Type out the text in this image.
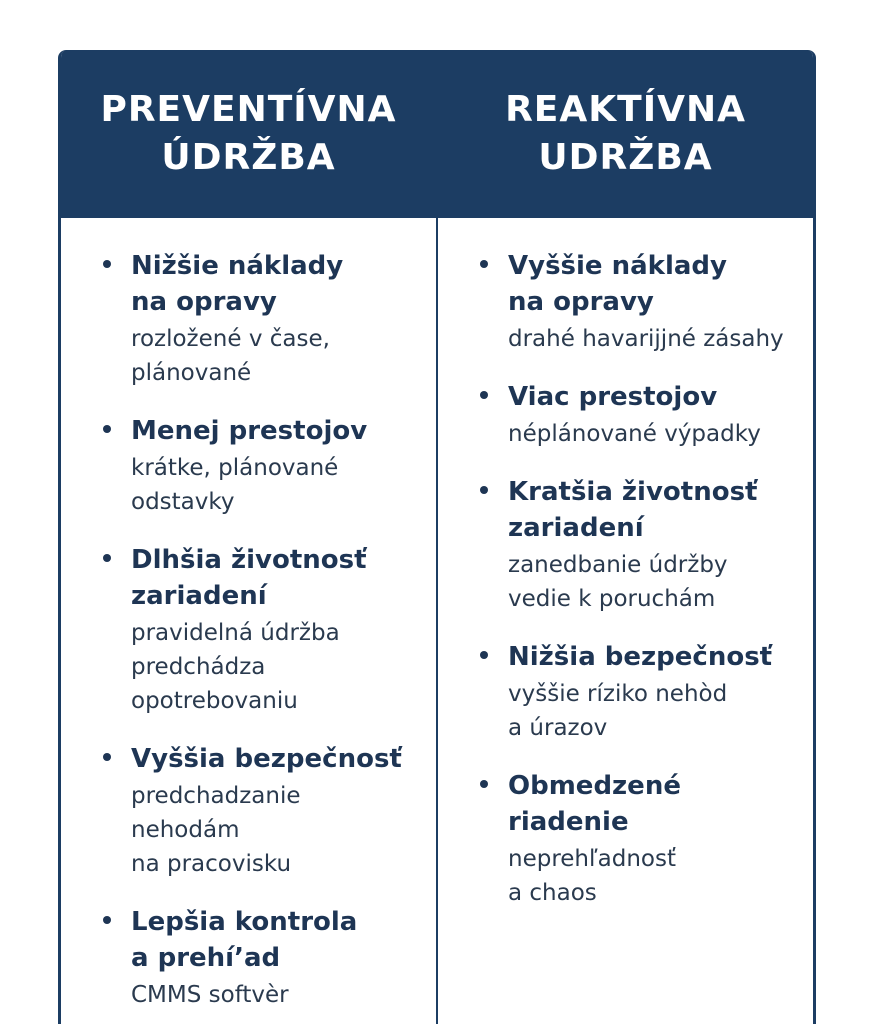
PREVENTÍVNA
ÚDRŽBA
Nižšie náklady
na opravy
rozložené v čase,
plánované
Menej prestojov
krátke, plánované
odstavky
Dlhšia životnosť
zariadení
pravidelná údržba
predchádza
opotrebovaniu
Vyššia bezpečnosť
predchadzanie
nehodám
na pracovisku
Lepšia kontrola
a prehí’ad
CMMS softvèr
REAKTÍVNA
UDRŽBA
Vyššie náklady
na opravy
drahé havarijjné zásahy
Viac prestojov
néplánované výpadky
Kratšia životnosť
zariadení
zanedbanie údržby
vedie k poruchám
Nižšia bezpečnosť
vyššie ríziko nehòd
a úrazov
Obmedzené riadenie
neprehľadnosť
a chaos
